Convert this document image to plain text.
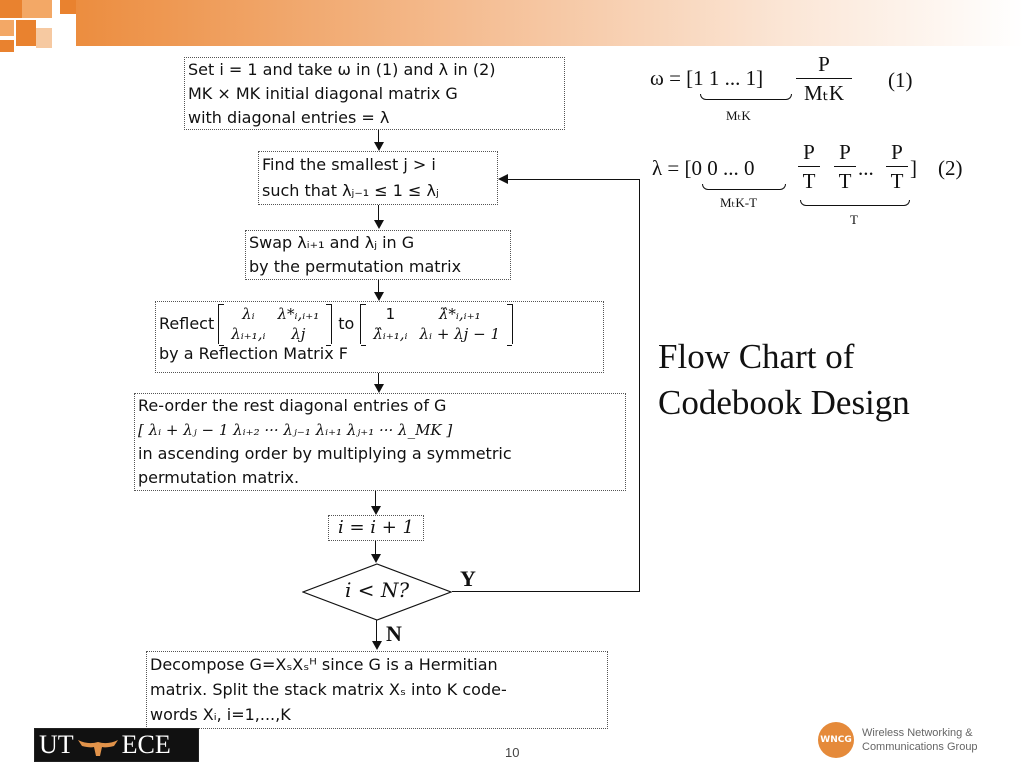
Set i = 1 and take ω in (1) and λ in (2)
MK × MK initial diagonal matrix G
with diagonal entries = λ
Find the smallest j > i
such that λⱼ₋₁ ≤ 1 ≤ λⱼ
Swap λᵢ₊₁ and λⱼ in G
by the permutation matrix
Reflect λᵢ	λ*ᵢ,ᵢ₊₁
λᵢ₊₁,ᵢ	λj
to 1	λ̂*ᵢ,ᵢ₊₁
λ̂ᵢ₊₁,ᵢ	λᵢ + λj − 1
by a Reflection Matrix F
Re-order the rest diagonal entries of G
[ λᵢ + λⱼ − 1 λᵢ₊₂ ··· λⱼ₋₁ λᵢ₊₁ λⱼ₊₁ ··· λ_MK ]
in ascending order by multiplying a symmetric
permutation matrix.
i = i + 1
i < N?	Y
N
Decompose G=XₛXₛᴴ since G is a Hermitian
matrix. Split the stack matrix Xₛ into K code-
words Xᵢ, i=1,...,K
ω = [1 1 ... 1]
P
MₜK
MₜK
(1)
λ = [0 0 ... 0
P
T
P
T
...
P
T
]
MₜK-T
T
(2)
Flow Chart of
Codebook Design
UT ECE	10
WNCG
Wireless Networking &
Communications Group
